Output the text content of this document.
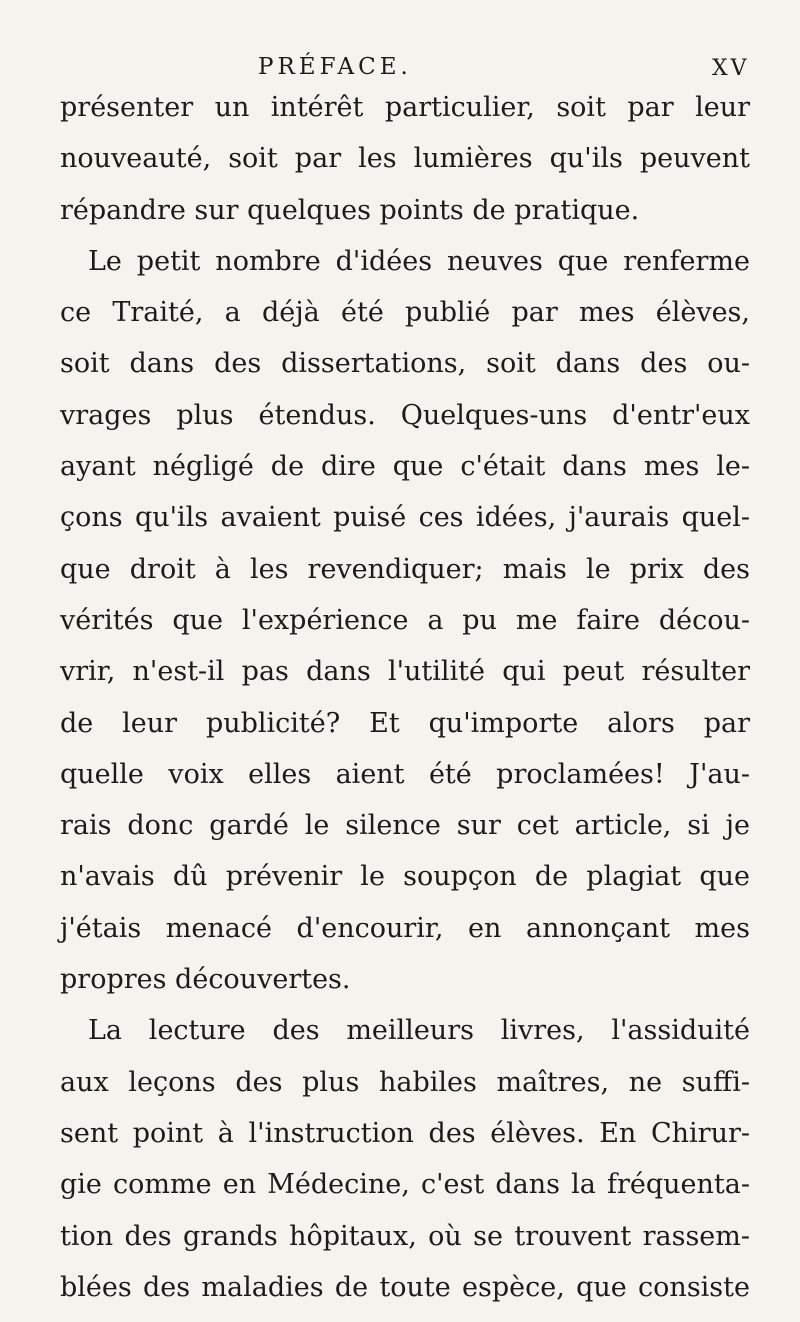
PRÉFACE.	XV
présenter un intérêt particulier, soit par leur
nouveauté, soit par les lumières qu'ils peuvent
répandre sur quelques points de pratique.
Le petit nombre d'idées neuves que renferme
ce Traité, a déjà été publié par mes élèves,
soit dans des dissertations, soit dans des ou-
vrages plus étendus. Quelques-uns d'entr'eux
ayant négligé de dire que c'était dans mes le-
çons qu'ils avaient puisé ces idées, j'aurais quel-
que droit à les revendiquer; mais le prix des
vérités que l'expérience a pu me faire décou-
vrir, n'est-il pas dans l'utilité qui peut résulter
de leur publicité? Et qu'importe alors par
quelle voix elles aient été proclamées! J'au-
rais donc gardé le silence sur cet article, si je
n'avais dû prévenir le soupçon de plagiat que
j'étais menacé d'encourir, en annonçant mes
propres découvertes.
La lecture des meilleurs livres, l'assiduité
aux leçons des plus habiles maîtres, ne suffi-
sent point à l'instruction des élèves. En Chirur-
gie comme en Médecine, c'est dans la fréquenta-
tion des grands hôpitaux, où se trouvent rassem-
blées des maladies de toute espèce, que consiste
